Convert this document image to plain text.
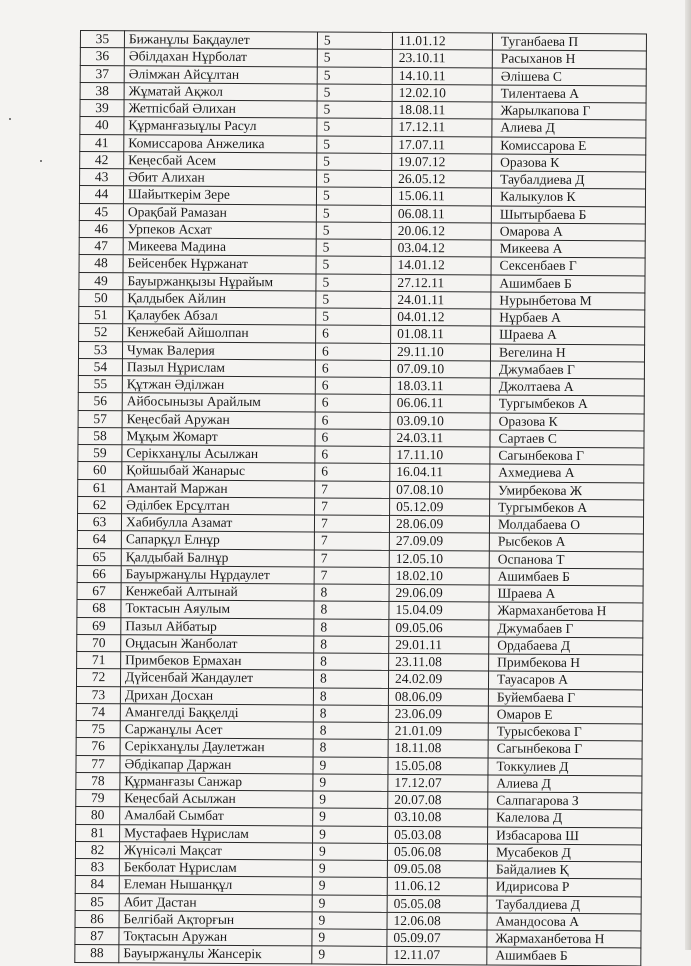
35	Бижанұлы Бақдаулет	5	11.01.12	Туганбаева П
36	Әбілдахан Нұрболат	5	23.10.11	Расыханов Н
37	Әлімжан Айсұлтан	5	14.10.11	Әлішева С
38	Жұматай Ақжол	5	12.02.10	Тилентаева А
39	Жетпісбай Әлихан	5	18.08.11	Жарылкапова Г
40	Құрманғазыұлы Расул	5	17.12.11	Алиева Д
41	Комиссарова Анжелика	5	17.07.11	Комиссарова Е
42	Кеңесбай Асем	5	19.07.12	Оразова К
43	Әбит Алихан	5	26.05.12	Таубалдиева Д
44	Шайыткерім Зере	5	15.06.11	Калыкулов К
45	Орақбай Рамазан	5	06.08.11	Шытырбаева Б
46	Урпеков Асхат	5	20.06.12	Омарова А
47	Микеева Мадина	5	03.04.12	Микеева А
48	Бейсенбек Нұржанат	5	14.01.12	Сексенбаев Г
49	Бауыржанқызы Нұрайым	5	27.12.11	Ашимбаев Б
50	Қалдыбек Айлин	5	24.01.11	Нурынбетова М
51	Қалаубек Абзал	5	04.01.12	Нұрбаев А
52	Кенжебай Айшолпан	6	01.08.11	Шраева А
53	Чумак Валерия	6	29.11.10	Вегелина Н
54	Пазыл Нұрислам	6	07.09.10	Джумабаев Г
55	Құтжан Әділжан	6	18.03.11	Джолтаева А
56	Айбосынызы Арайлым	6	06.06.11	Тургымбеков А
57	Кеңесбай Аружан	6	03.09.10	Оразова К
58	Мұқым Жомарт	6	24.03.11	Сартаев С
59	Серікханұлы Асылжан	6	17.11.10	Сагынбекова Г
60	Қойшыбай Жанарыс	6	16.04.11	Ахмедиева А
61	Амантай Маржан	7	07.08.10	Умирбекова Ж
62	Әділбек Ерсұлтан	7	05.12.09	Тургымбеков А
63	Хабибулла Азамат	7	28.06.09	Молдабаева О
64	Сапарқұл Елнұр	7	27.09.09	Рысбеков А
65	Қалдыбай Балнұр	7	12.05.10	Оспанова Т
66	Бауыржанұлы Нұрдаулет	7	18.02.10	Ашимбаев Б
67	Кенжебай Алтынай	8	29.06.09	Шраева А
68	Токтасын Аяулым	8	15.04.09	Жармаханбетова Н
69	Пазыл Айбатыр	8	09.05.06	Джумабаев Г
70	Оңдасын Жанболат	8	29.01.11	Ордабаева Д
71	Примбеков Ермахан	8	23.11.08	Примбекова Н
72	Дүйсенбай Жандаулет	8	24.02.09	Тауасаров А
73	Дрихан Досхан	8	08.06.09	Буйембаева Г
74	Амангелді Баққелді	8	23.06.09	Омаров Е
75	Саржанұлы Асет	8	21.01.09	Турысбекова Г
76	Серікханұлы Даулетжан	8	18.11.08	Сагынбекова Г
77	Әбдікапар Даржан	9	15.05.08	Токкулиев Д
78	Құрманғазы Санжар	9	17.12.07	Алиева Д
79	Кеңесбай Асылжан	9	20.07.08	Салпагарова З
80	Амалбай Сымбат	9	03.10.08	Калелова Д
81	Мустафаев Нұрислам	9	05.03.08	Избасарова Ш
82	Жүнісәлі Мақсат	9	05.06.08	Мусабеков Д
83	Бекболат Нұрислам	9	09.05.08	Байдалиев Қ
84	Елеман Нышанқұл	9	11.06.12	Идирисова Р
85	Абит Дастан	9	05.05.08	Таубалдиева Д
86	Белгібай Ақторғын	9	12.06.08	Амандосова А
87	Тоқтасын Аружан	9	05.09.07	Жармаханбетова Н
88	Бауыржанұлы Жансерік	9	12.11.07	Ашимбаев Б
